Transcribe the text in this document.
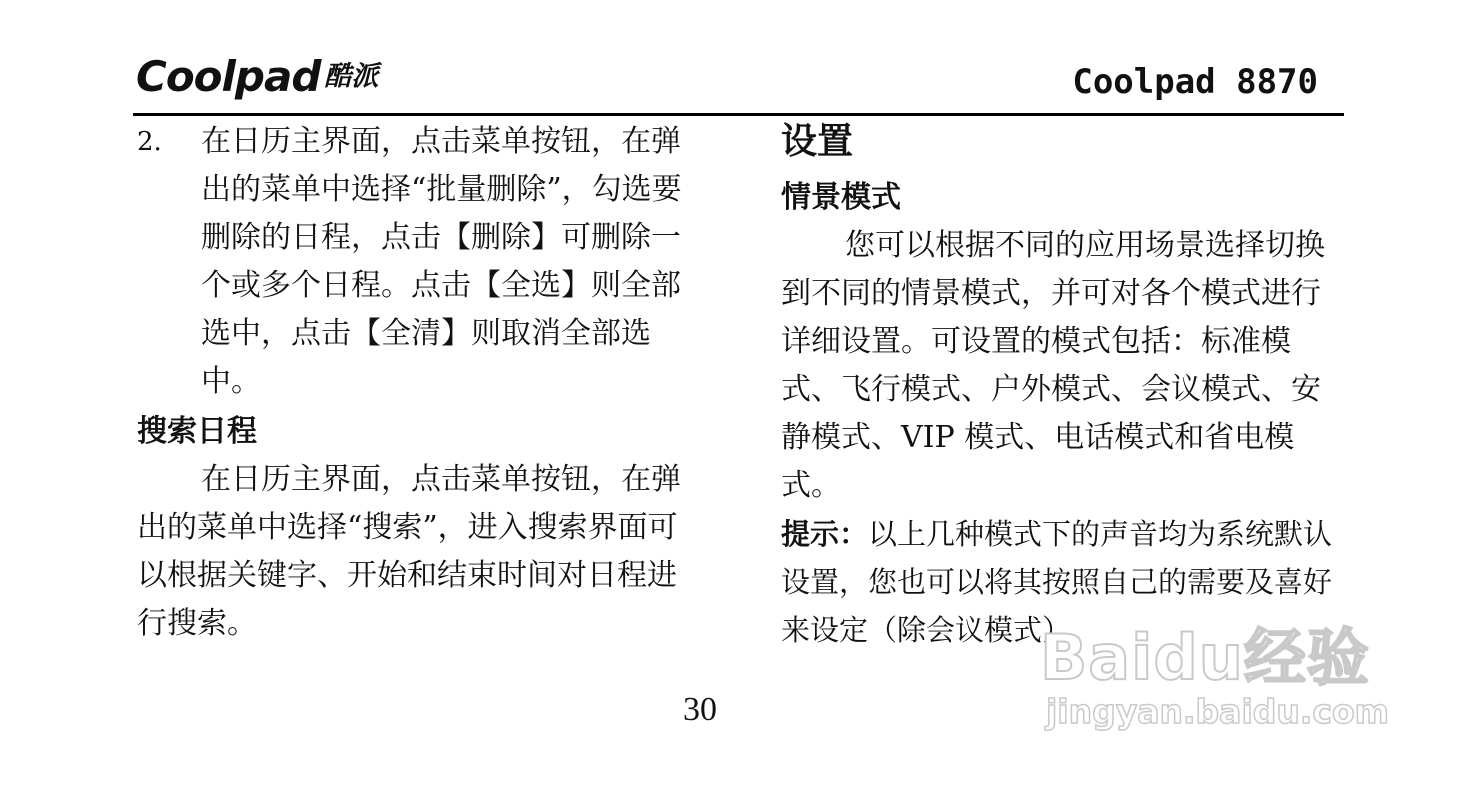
Coolpad 酷派	Coolpad 8870
2.	在日历主界面，点击菜单按钮，在弹出的菜单中选择“批量删除”，勾选要删除的日程，点击【删除】可删除一个或多个日程。点击【全选】则全部选中，点击【全清】则取消全部选中。
搜索日程
在日历主界面，点击菜单按钮，在弹出的菜单中选择“搜索”，进入搜索界面可以根据关键字、开始和结束时间对日程进行搜索。
设置
情景模式
您可以根据不同的应用场景选择切换到不同的情景模式，并可对各个模式进行详细设置。可设置的模式包括：标准模式、飞行模式、户外模式、会议模式、安静模式、VIP 模式、电话模式和省电模式。
提示：以上几种模式下的声音均为系统默认设置，您也可以将其按照自己的需要及喜好来设定（除会议模式）。
30
Baidu经验
jingyan.baidu.com
